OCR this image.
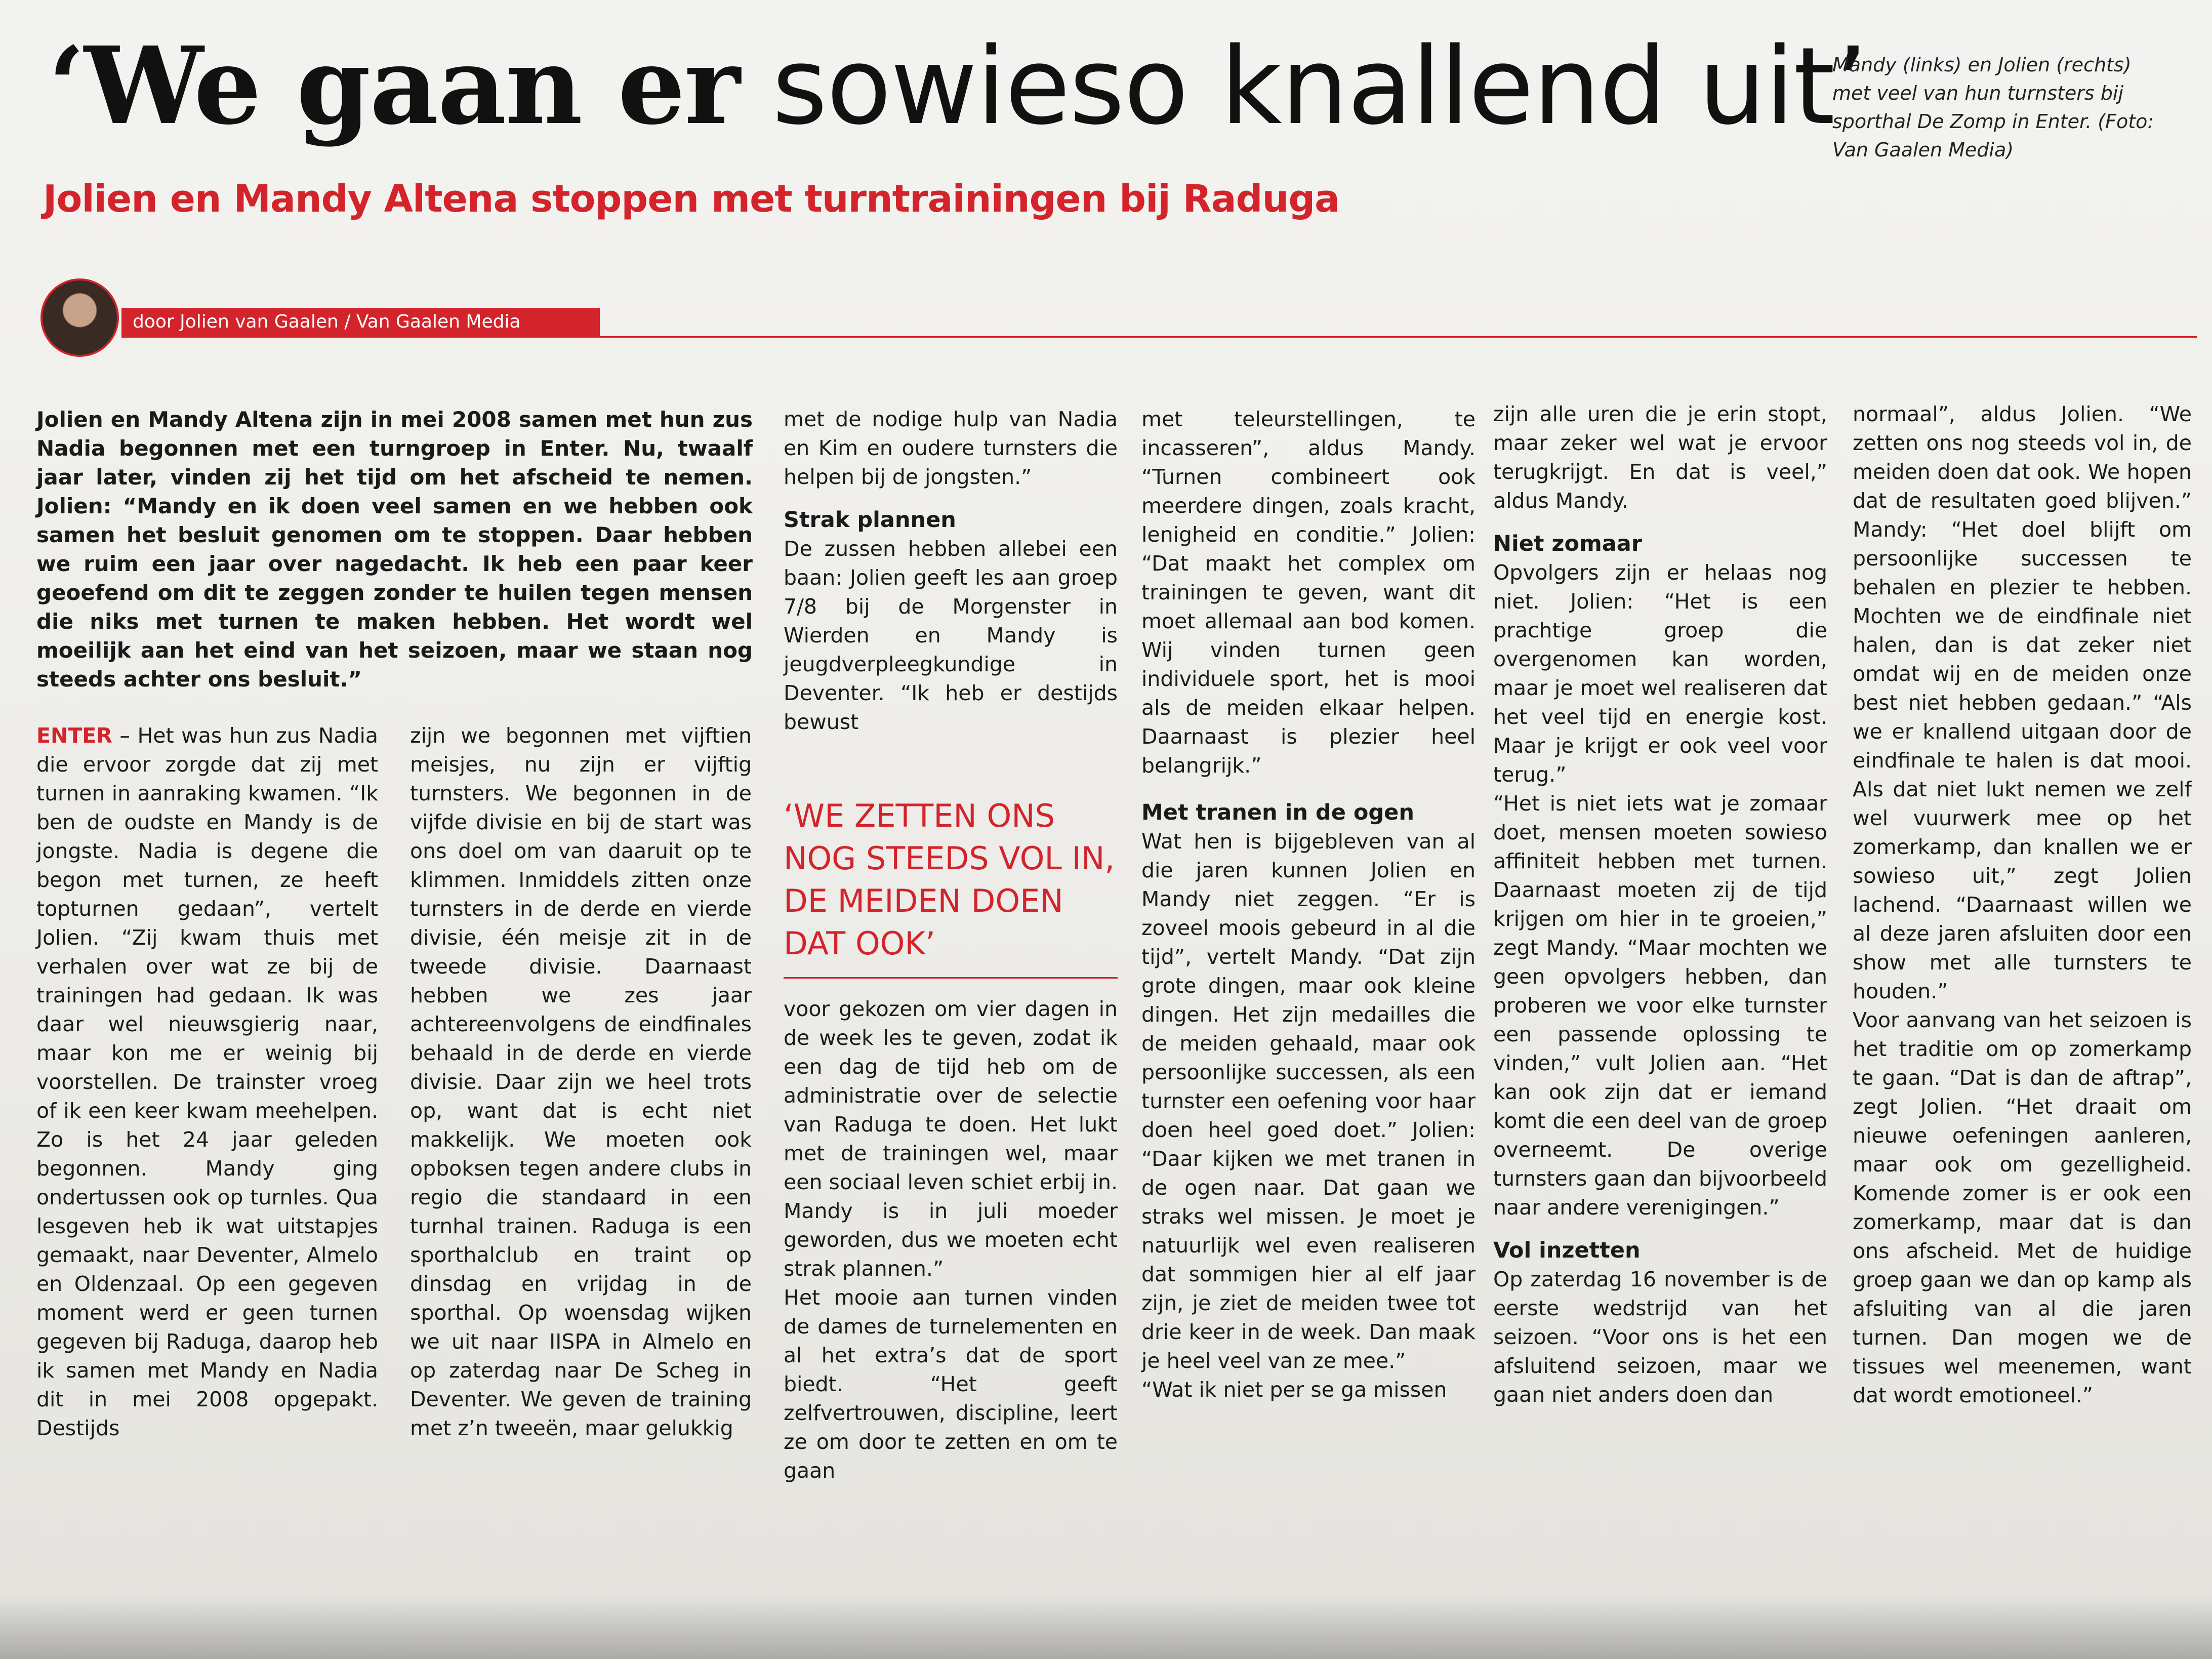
‘We gaan er sowieso knallend uit’
Mandy (links) en Jolien (rechts) met veel van hun turnsters bij sporthal De Zomp in Enter. (Foto: Van Gaalen Media)
Jolien en Mandy Altena stoppen met turntrainingen bij Raduga
door Jolien van Gaalen / Van Gaalen Media
Jolien en Mandy Altena zijn in mei 2008 samen met hun zus Nadia begonnen met een turngroep in Enter. Nu, twaalf jaar later, vinden zij het tijd om het afscheid te nemen. Jolien: “Mandy en ik doen veel samen en we hebben ook samen het besluit genomen om te stoppen. Daar hebben we ruim een jaar over nagedacht. Ik heb een paar keer geoefend om dit te zeggen zonder te huilen tegen mensen die niks met turnen te maken hebben. Het wordt wel moeilijk aan het eind van het seizoen, maar we staan nog steeds achter ons besluit.”

ENTER – Het was hun zus Nadia die ervoor zorgde dat zij met turnen in aanraking kwamen. “Ik ben de oudste en Mandy is de jongste. Nadia is degene die begon met turnen, ze heeft topturnen gedaan”, vertelt Jolien. “Zij kwam thuis met verhalen over wat ze bij de trainingen had gedaan. Ik was daar wel nieuwsgierig naar, maar kon me er weinig bij voorstellen. De trainster vroeg of ik een keer kwam meehelpen. Zo is het 24 jaar geleden begonnen. Mandy ging ondertussen ook op turnles. Qua lesgeven heb ik wat uitstapjes gemaakt, naar Deventer, Almelo en Oldenzaal. Op een gegeven moment werd er geen turnen gegeven bij Raduga, daarop heb ik samen met Mandy en Nadia dit in mei 2008 opgepakt. Destijds

zijn we begonnen met vijftien meisjes, nu zijn er vijftig turnsters. We begonnen in de vijfde divisie en bij de start was ons doel om van daaruit op te klimmen. Inmiddels zitten onze turnsters in de derde en vierde divisie, één meisje zit in de tweede divisie. Daarnaast hebben we zes jaar achtereenvolgens de eindfinales behaald in de derde en vierde divisie. Daar zijn we heel trots op, want dat is echt niet makkelijk. We moeten ook opboksen tegen andere clubs in regio die standaard in een turnhal trainen. Raduga is een sporthalclub en traint op dinsdag en vrijdag in de sporthal. Op woensdag wijken we uit naar IISPA in Almelo en op zaterdag naar De Scheg in Deventer. We geven de training met z’n tweeën, maar gelukkig

met de nodige hulp van Nadia en Kim en oudere turnsters die helpen bij de jongsten.”

Strak plannen

De zussen hebben allebei een baan: Jolien geeft les aan groep 7/8 bij de Morgenster in Wierden en Mandy is jeugdverpleegkundige in Deventer. “Ik heb er destijds bewust

‘WE ZETTEN ONS NOG STEEDS VOL IN, DE MEIDEN DOEN DAT OOK’

voor gekozen om vier dagen in de week les te geven, zodat ik een dag de tijd heb om de administratie over de selectie van Raduga te doen. Het lukt met de trainingen wel, maar een sociaal leven schiet erbij in. Mandy is in juli moeder geworden, dus we moeten echt strak plannen.”

Het mooie aan turnen vinden de dames de turnelementen en al het extra’s dat de sport biedt. “Het geeft zelfvertrouwen, discipline, leert ze om door te zetten en om te gaan

met teleurstellingen, te incasseren”, aldus Mandy. “Turnen combineert ook meerdere dingen, zoals kracht, lenigheid en conditie.” Jolien: “Dat maakt het complex om trainingen te geven, want dit moet allemaal aan bod komen. Wij vinden turnen geen individuele sport, het is mooi als de meiden elkaar helpen. Daarnaast is plezier heel belangrijk.”

Met tranen in de ogen

Wat hen is bijgebleven van al die jaren kunnen Jolien en Mandy niet zeggen. “Er is zoveel moois gebeurd in al die tijd”, vertelt Mandy. “Dat zijn grote dingen, maar ook kleine dingen. Het zijn medailles die de meiden gehaald, maar ook persoonlijke successen, als een turnster een oefening voor haar doen heel goed doet.” Jolien: “Daar kijken we met tranen in de ogen naar. Dat gaan we straks wel missen. Je moet je natuurlijk wel even realiseren dat sommigen hier al elf jaar zijn, je ziet de meiden twee tot drie keer in de week. Dan maak je heel veel van ze mee.”

“Wat ik niet per se ga missen

zijn alle uren die je erin stopt, maar zeker wel wat je ervoor terugkrijgt. En dat is veel,” aldus Mandy.

Niet zomaar

Opvolgers zijn er helaas nog niet. Jolien: “Het is een prachtige groep die overgenomen kan worden, maar je moet wel realiseren dat het veel tijd en energie kost. Maar je krijgt er ook veel voor terug.”

“Het is niet iets wat je zomaar doet, mensen moeten sowieso affiniteit hebben met turnen. Daarnaast moeten zij de tijd krijgen om hier in te groeien,” zegt Mandy. “Maar mochten we geen opvolgers hebben, dan proberen we voor elke turnster een passende oplossing te vinden,” vult Jolien aan. “Het kan ook zijn dat er iemand komt die een deel van de groep overneemt. De overige turnsters gaan dan bijvoorbeeld naar andere verenigingen.”

Vol inzetten

Op zaterdag 16 november is de eerste wedstrijd van het seizoen. “Voor ons is het een afsluitend seizoen, maar we gaan niet anders doen dan

normaal”, aldus Jolien. “We zetten ons nog steeds vol in, de meiden doen dat ook. We hopen dat de resultaten goed blijven.” Mandy: “Het doel blijft om persoonlijke successen te behalen en plezier te hebben. Mochten we de eindfinale niet halen, dan is dat zeker niet omdat wij en de meiden onze best niet hebben gedaan.” “Als we er knallend uitgaan door de eindfinale te halen is dat mooi. Als dat niet lukt nemen we zelf wel vuurwerk mee op het zomerkamp, dan knallen we er sowieso uit,” zegt Jolien lachend. “Daarnaast willen we al deze jaren afsluiten door een show met alle turnsters te houden.”

Voor aanvang van het seizoen is het traditie om op zomerkamp te gaan. “Dat is dan de aftrap”, zegt Jolien. “Het draait om nieuwe oefeningen aanleren, maar ook om gezelligheid. Komende zomer is er ook een zomerkamp, maar dat is dan ons afscheid. Met de huidige groep gaan we dan op kamp als afsluiting van al die jaren turnen. Dan mogen we de tissues wel meenemen, want dat wordt emotioneel.”
